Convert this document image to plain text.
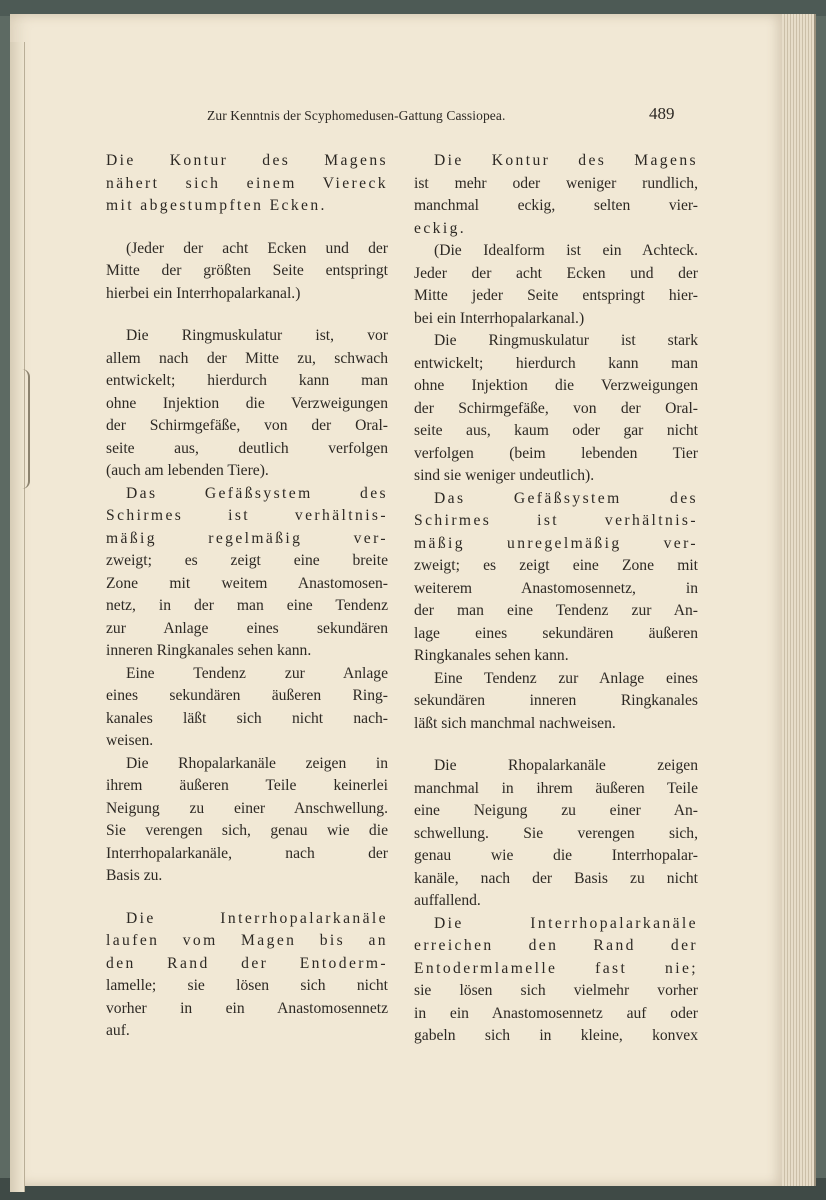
Zur Kenntnis der Scyphomedusen-Gattung Cassiopea.	489
Die Kontur des Magens
nähert sich einem Viereck
mit abgestumpften Ecken.
(Jeder der acht Ecken und der
Mitte der größten Seite entspringt
hierbei ein Interrhopalarkanal.)
Die Ringmuskulatur ist, vor
allem nach der Mitte zu, schwach
entwickelt; hierdurch kann man
ohne Injektion die Verzweigungen
der Schirmgefäße, von der Oral-
seite aus, deutlich verfolgen
(auch am lebenden Tiere).
Das Gefäßsystem des
Schirmes ist verhältnis-
mäßig regelmäßig ver-
zweigt; es zeigt eine breite
Zone mit weitem Anastomosen-
netz, in der man eine Tendenz
zur Anlage eines sekundären
inneren Ringkanales sehen kann.
Eine Tendenz zur Anlage
eines sekundären äußeren Ring-
kanales läßt sich nicht nach-
weisen.
Die Rhopalarkanäle zeigen in
ihrem äußeren Teile keinerlei
Neigung zu einer Anschwellung.
Sie verengen sich, genau wie die
Interrhopalarkanäle, nach der
Basis zu.
Die Interrhopalarkanäle
laufen vom Magen bis an
den Rand der Entoderm-
lamelle; sie lösen sich nicht
vorher in ein Anastomosennetz
auf.
Die Kontur des Magens
ist mehr oder weniger rundlich,
manchmal eckig, selten vier-
eckig.
(Die Idealform ist ein Achteck.
Jeder der acht Ecken und der
Mitte jeder Seite entspringt hier-
bei ein Interrhopalarkanal.)
Die Ringmuskulatur ist stark
entwickelt; hierdurch kann man
ohne Injektion die Verzweigungen
der Schirmgefäße, von der Oral-
seite aus, kaum oder gar nicht
verfolgen (beim lebenden Tier
sind sie weniger undeutlich).
Das Gefäßsystem des
Schirmes ist verhältnis-
mäßig unregelmäßig ver-
zweigt; es zeigt eine Zone mit
weiterem Anastomosennetz, in
der man eine Tendenz zur An-
lage eines sekundären äußeren
Ringkanales sehen kann.
Eine Tendenz zur Anlage eines
sekundären inneren Ringkanales
läßt sich manchmal nachweisen.
Die Rhopalarkanäle zeigen
manchmal in ihrem äußeren Teile
eine Neigung zu einer An-
schwellung. Sie verengen sich,
genau wie die Interrhopalar-
kanäle, nach der Basis zu nicht
auffallend.
Die Interrhopalarkanäle
erreichen den Rand der
Entodermlamelle fast nie;
sie lösen sich vielmehr vorher
in ein Anastomosennetz auf oder
gabeln sich in kleine, konvex
